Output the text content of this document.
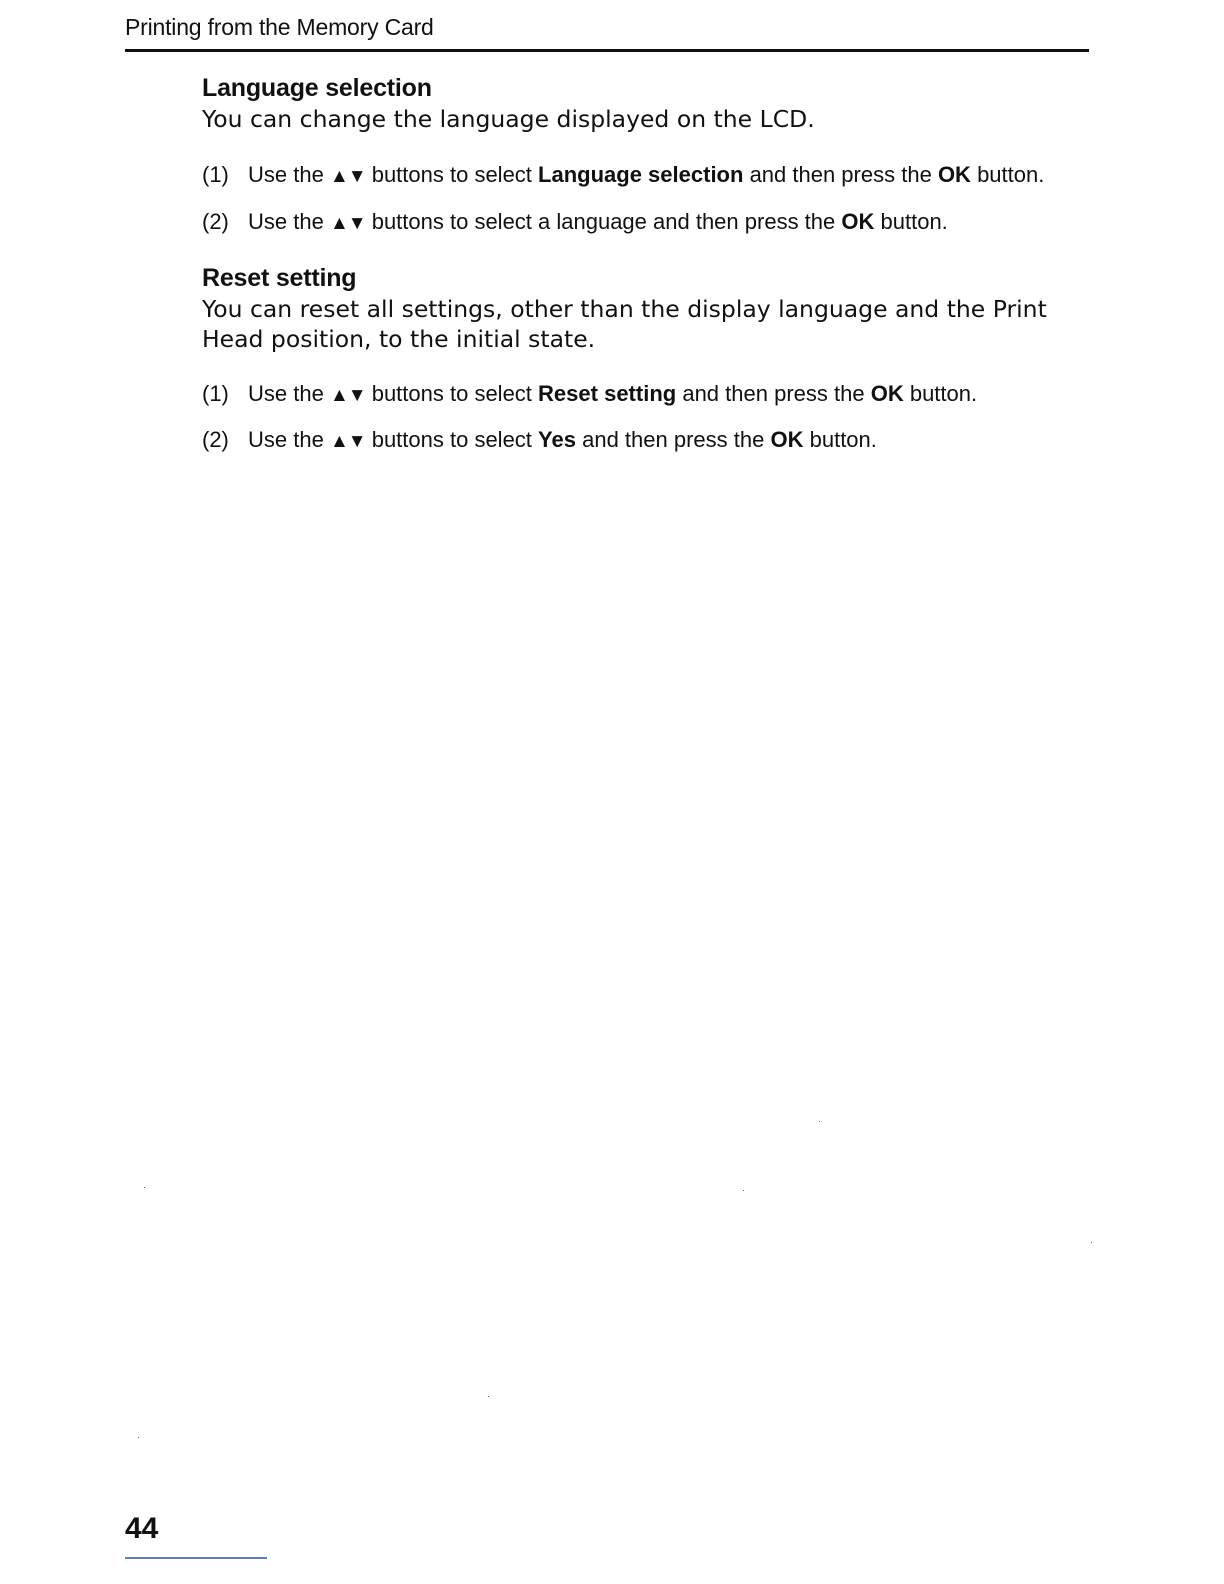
Printing from the Memory Card
Language selection
You can change the language displayed on the LCD.
(1) Use the ▲▼ buttons to select Language selection and then press the OK button.
(2) Use the ▲▼ buttons to select a language and then press the OK button.
Reset setting
You can reset all settings, other than the display language and the Print Head position, to the initial state.
(1) Use the ▲▼ buttons to select Reset setting and then press the OK button.
(2) Use the ▲▼ buttons to select Yes and then press the OK button.
44
